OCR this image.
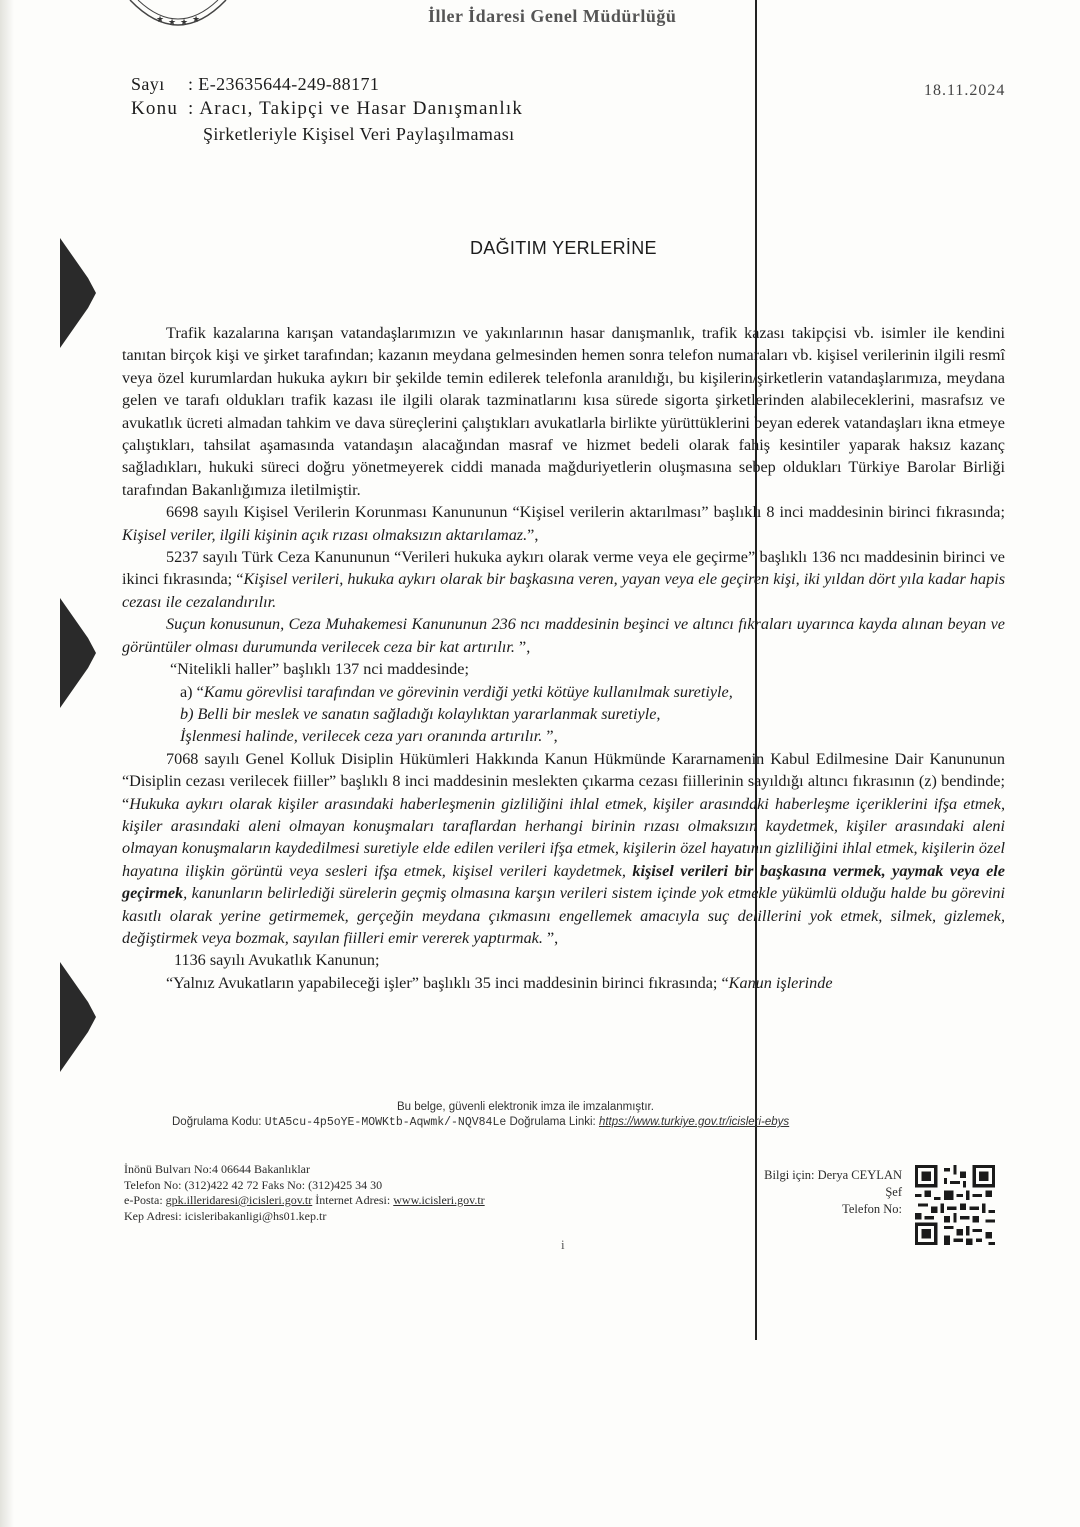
★ ★ ★ ★	İller İdaresi Genel Müdürlüğü
Sayı : E-23635644-249-88171
Konu : Aracı, Takipçi ve Hasar Danışmanlık
Şirketleriyle Kişisel Veri Paylaşılmaması
18.11.2024
DAĞITIM YERLERİNE

Trafik kazalarına karışan vatandaşlarımızın ve yakınlarının hasar danışmanlık, trafik kazası takipçisi vb. isimler ile kendini tanıtan birçok kişi ve şirket tarafından; kazanın meydana gelmesinden hemen sonra telefon numaraları vb. kişisel verilerinin ilgili resmî veya özel kurumlardan hukuka aykırı bir şekilde temin edilerek telefonla aranıldığı, bu kişilerin/şirketlerin vatandaşlarımıza, meydana gelen ve tarafı oldukları trafik kazası ile ilgili olarak tazminatlarını kısa sürede sigorta şirketlerinden alabileceklerini, masrafsız ve avukatlık ücreti almadan tahkim ve dava süreçlerini çalıştıkları avukatlarla birlikte yürüttüklerini beyan ederek vatandaşları ikna etmeye çalıştıkları, tahsilat aşamasında vatandaşın alacağından masraf ve hizmet bedeli olarak fahiş kesintiler yaparak haksız kazanç sağladıkları, hukuki süreci doğru yönetmeyerek ciddi manada mağduriyetlerin oluşmasına sebep oldukları Türkiye Barolar Birliği tarafından Bakanlığımıza iletilmiştir.

6698 sayılı Kişisel Verilerin Korunması Kanununun “Kişisel verilerin aktarılması” başlıklı 8 inci maddesinin birinci fıkrasında; Kişisel veriler, ilgili kişinin açık rızası olmaksızın aktarılamaz.”,

5237 sayılı Türk Ceza Kanununun “Verileri hukuka aykırı olarak verme veya ele geçirme” başlıklı 136 ncı maddesinin birinci ve ikinci fıkrasında; “Kişisel verileri, hukuka aykırı olarak bir başkasına veren, yayan veya ele geçiren kişi, iki yıldan dört yıla kadar hapis cezası ile cezalandırılır.

Suçun konusunun, Ceza Muhakemesi Kanununun 236 ncı maddesinin beşinci ve altıncı fıkraları uyarınca kayda alınan beyan ve görüntüler olması durumunda verilecek ceza bir kat artırılır. ”,

“Nitelikli haller” başlıklı 137 nci maddesinde;

a) “Kamu görevlisi tarafından ve görevinin verdiği yetki kötüye kullanılmak suretiyle,

b) Belli bir meslek ve sanatın sağladığı kolaylıktan yararlanmak suretiyle,

İşlenmesi halinde, verilecek ceza yarı oranında artırılır. ”,

7068 sayılı Genel Kolluk Disiplin Hükümleri Hakkında Kanun Hükmünde Kararnamenin Kabul Edilmesine Dair Kanununun “Disiplin cezası verilecek fiiller” başlıklı 8 inci maddesinin meslekten çıkarma cezası fiillerinin sayıldığı altıncı fıkrasının (z) bendinde; “Hukuka aykırı olarak kişiler arasındaki haberleşmenin gizliliğini ihlal etmek, kişiler arasındaki haberleşme içeriklerini ifşa etmek, kişiler arasındaki aleni olmayan konuşmaları taraflardan herhangi birinin rızası olmaksızın kaydetmek, kişiler arasındaki aleni olmayan konuşmaların kaydedilmesi suretiyle elde edilen verileri ifşa etmek, kişilerin özel hayatının gizliliğini ihlal etmek, kişilerin özel hayatına ilişkin görüntü veya sesleri ifşa etmek, kişisel verileri kaydetmek, kişisel verileri bir başkasına vermek, yaymak veya ele geçirmek, kanunların belirlediği sürelerin geçmiş olmasına karşın verileri sistem içinde yok etmekle yükümlü olduğu halde bu görevini kasıtlı olarak yerine getirmemek, gerçeğin meydana çıkmasını engellemek amacıyla suç delillerini yok etmek, silmek, gizlemek, değiştirmek veya bozmak, sayılan fiilleri emir vererek yaptırmak. ”,

1136 sayılı Avukatlık Kanunun;

“Yalnız Avukatların yapabileceği işler” başlıklı 35 inci maddesinin birinci fıkrasında; “Kanun işlerinde

Bu belge, güvenli elektronik imza ile imzalanmıştır.
Doğrulama Kodu: UtA5cu-4p5oYE-MOWKtb-Aqwmk/-NQV84Le Doğrulama Linki: https://www.turkiye.gov.tr/icisleri-ebys
İnönü Bulvarı No:4 06644 Bakanlıklar
Telefon No: (312)422 42 72 Faks No: (312)425 34 30
e-Posta: gpk.illeridaresi@icisleri.gov.tr İnternet Adresi: www.icisleri.gov.tr
Kep Adresi: icisleribakanligi@hs01.kep.tr
Bilgi için: Derya CEYLAN
Şef
Telefon No:
i
